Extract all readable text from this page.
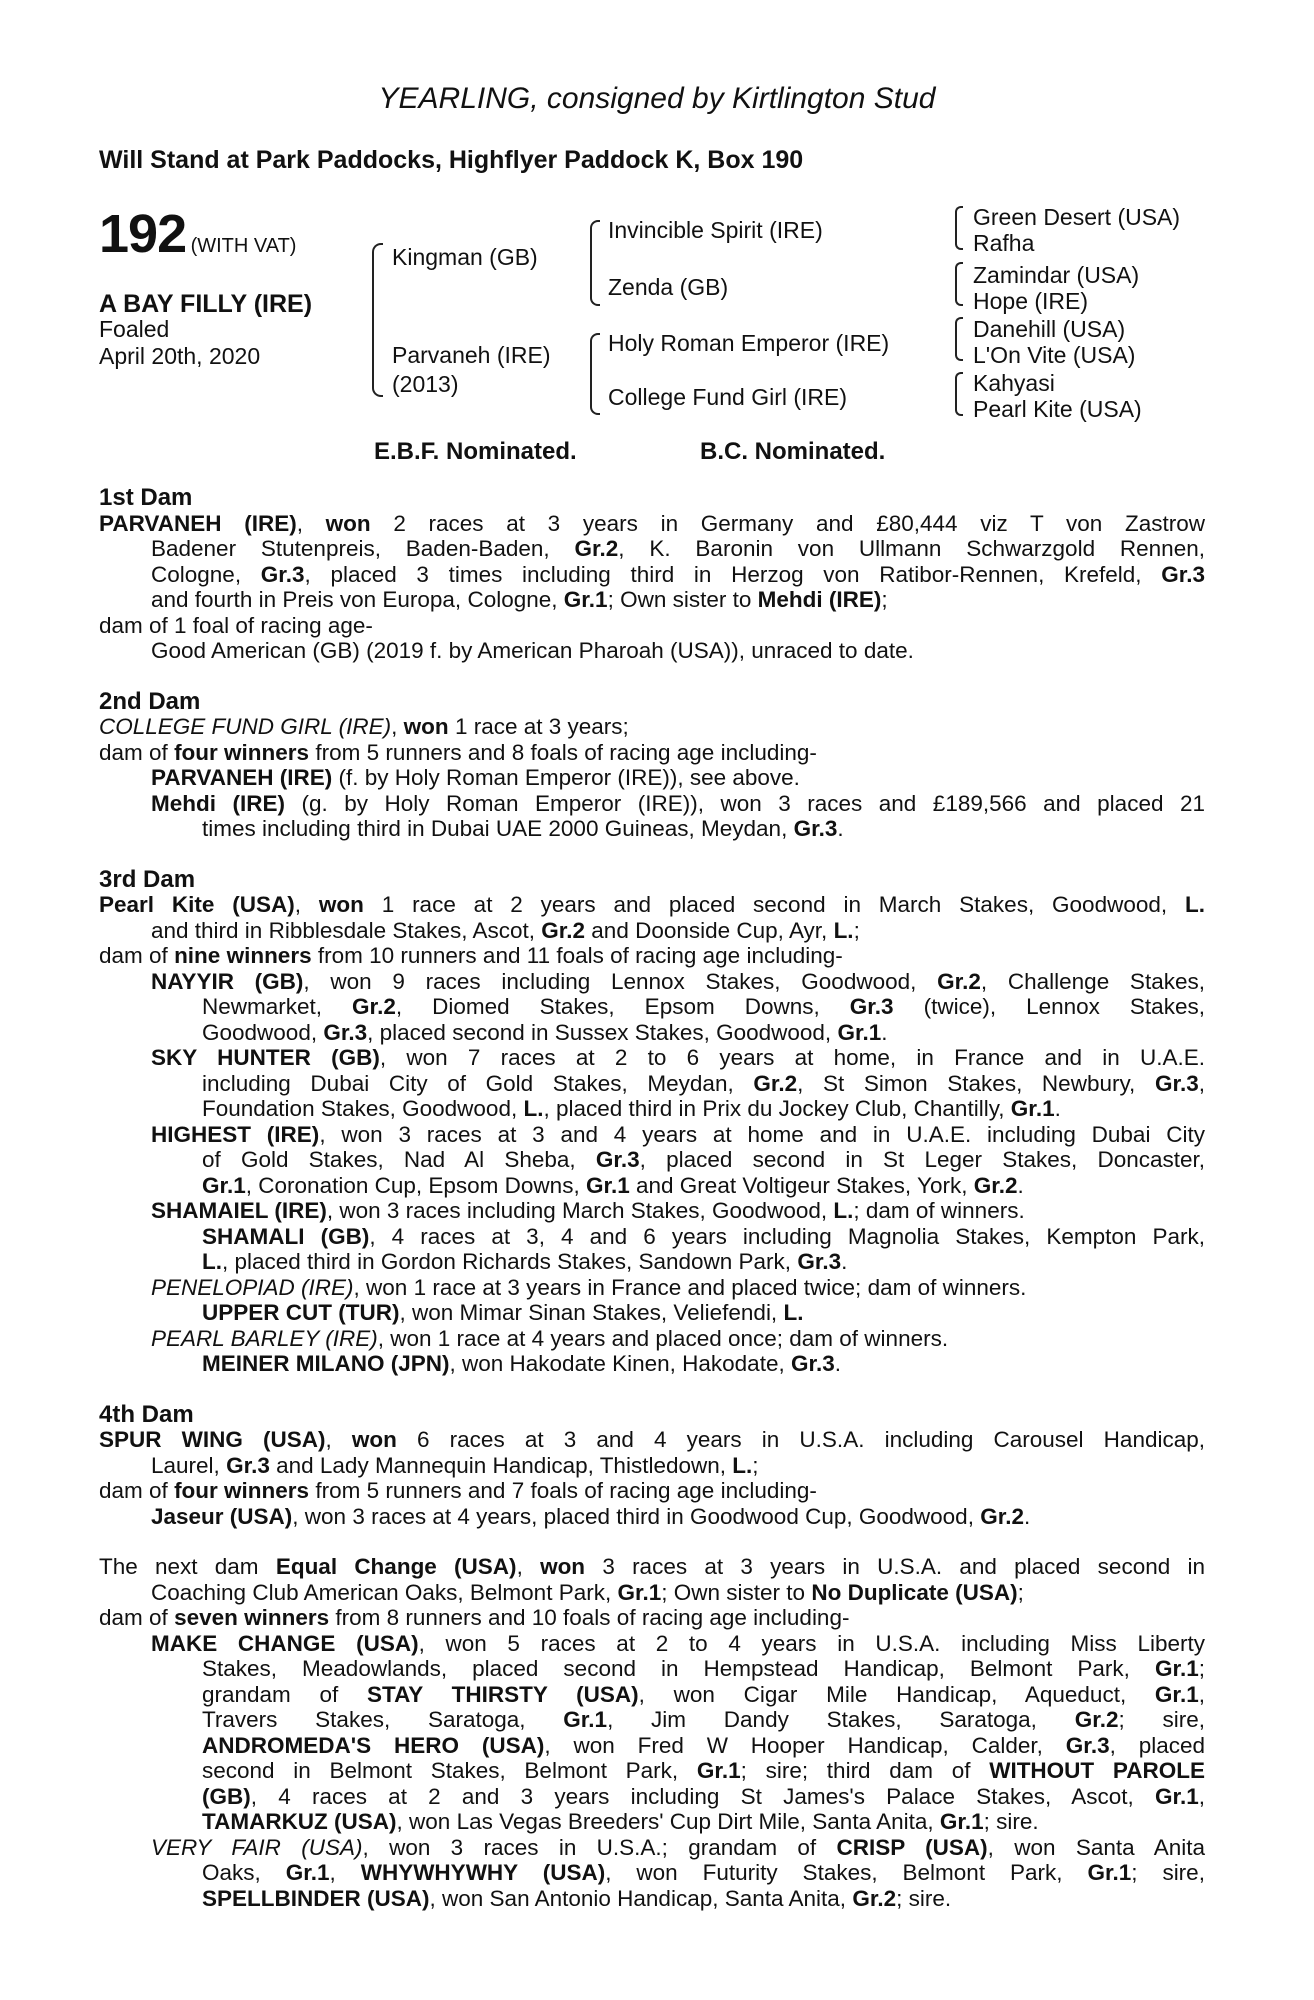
YEARLING, consigned by Kirtlington Stud
Will Stand at Park Paddocks, Highflyer Paddock K, Box 190
192 (WITH VAT)
A BAY FILLY (IRE)
Foaled
April 20th, 2020
Kingman (GB)
Parvaneh (IRE)
(2013)
Invincible Spirit (IRE)
Zenda (GB)
Holy Roman Emperor (IRE)
College Fund Girl (IRE)
Green Desert (USA)
Rafha
Zamindar (USA)
Hope (IRE)
Danehill (USA)
L'On Vite (USA)
Kahyasi
Pearl Kite (USA)
E.B.F. Nominated.	B.C. Nominated.
1st Dam
PARVANEH (IRE), won 2 races at 3 years in Germany and £80,444 viz T von Zastrow
Badener Stutenpreis, Baden-Baden, Gr.2, K. Baronin von Ullmann Schwarzgold Rennen,
Cologne, Gr.3, placed 3 times including third in Herzog von Ratibor-Rennen, Krefeld, Gr.3
and fourth in Preis von Europa, Cologne, Gr.1; Own sister to Mehdi (IRE);
dam of 1 foal of racing age-
Good American (GB) (2019 f. by American Pharoah (USA)), unraced to date.
2nd Dam
COLLEGE FUND GIRL (IRE), won 1 race at 3 years;
dam of four winners from 5 runners and 8 foals of racing age including-
PARVANEH (IRE) (f. by Holy Roman Emperor (IRE)), see above.
Mehdi (IRE) (g. by Holy Roman Emperor (IRE)), won 3 races and £189,566 and placed 21
times including third in Dubai UAE 2000 Guineas, Meydan, Gr.3.
3rd Dam
Pearl Kite (USA), won 1 race at 2 years and placed second in March Stakes, Goodwood, L.
and third in Ribblesdale Stakes, Ascot, Gr.2 and Doonside Cup, Ayr, L.;
dam of nine winners from 10 runners and 11 foals of racing age including-
NAYYIR (GB), won 9 races including Lennox Stakes, Goodwood, Gr.2, Challenge Stakes,
Newmarket, Gr.2, Diomed Stakes, Epsom Downs, Gr.3 (twice), Lennox Stakes,
Goodwood, Gr.3, placed second in Sussex Stakes, Goodwood, Gr.1.
SKY HUNTER (GB), won 7 races at 2 to 6 years at home, in France and in U.A.E.
including Dubai City of Gold Stakes, Meydan, Gr.2, St Simon Stakes, Newbury, Gr.3,
Foundation Stakes, Goodwood, L., placed third in Prix du Jockey Club, Chantilly, Gr.1.
HIGHEST (IRE), won 3 races at 3 and 4 years at home and in U.A.E. including Dubai City
of Gold Stakes, Nad Al Sheba, Gr.3, placed second in St Leger Stakes, Doncaster,
Gr.1, Coronation Cup, Epsom Downs, Gr.1 and Great Voltigeur Stakes, York, Gr.2.
SHAMAIEL (IRE), won 3 races including March Stakes, Goodwood, L.; dam of winners.
SHAMALI (GB), 4 races at 3, 4 and 6 years including Magnolia Stakes, Kempton Park,
L., placed third in Gordon Richards Stakes, Sandown Park, Gr.3.
PENELOPIAD (IRE), won 1 race at 3 years in France and placed twice; dam of winners.
UPPER CUT (TUR), won Mimar Sinan Stakes, Veliefendi, L.
PEARL BARLEY (IRE), won 1 race at 4 years and placed once; dam of winners.
MEINER MILANO (JPN), won Hakodate Kinen, Hakodate, Gr.3.
4th Dam
SPUR WING (USA), won 6 races at 3 and 4 years in U.S.A. including Carousel Handicap,
Laurel, Gr.3 and Lady Mannequin Handicap, Thistledown, L.;
dam of four winners from 5 runners and 7 foals of racing age including-
Jaseur (USA), won 3 races at 4 years, placed third in Goodwood Cup, Goodwood, Gr.2.
The next dam Equal Change (USA), won 3 races at 3 years in U.S.A. and placed second in
Coaching Club American Oaks, Belmont Park, Gr.1; Own sister to No Duplicate (USA);
dam of seven winners from 8 runners and 10 foals of racing age including-
MAKE CHANGE (USA), won 5 races at 2 to 4 years in U.S.A. including Miss Liberty
Stakes, Meadowlands, placed second in Hempstead Handicap, Belmont Park, Gr.1;
grandam of STAY THIRSTY (USA), won Cigar Mile Handicap, Aqueduct, Gr.1,
Travers Stakes, Saratoga, Gr.1, Jim Dandy Stakes, Saratoga, Gr.2; sire,
ANDROMEDA'S HERO (USA), won Fred W Hooper Handicap, Calder, Gr.3, placed
second in Belmont Stakes, Belmont Park, Gr.1; sire; third dam of WITHOUT PAROLE
(GB), 4 races at 2 and 3 years including St James's Palace Stakes, Ascot, Gr.1,
TAMARKUZ (USA), won Las Vegas Breeders' Cup Dirt Mile, Santa Anita, Gr.1; sire.
VERY FAIR (USA), won 3 races in U.S.A.; grandam of CRISP (USA), won Santa Anita
Oaks, Gr.1, WHYWHYWHY (USA), won Futurity Stakes, Belmont Park, Gr.1; sire,
SPELLBINDER (USA), won San Antonio Handicap, Santa Anita, Gr.2; sire.
